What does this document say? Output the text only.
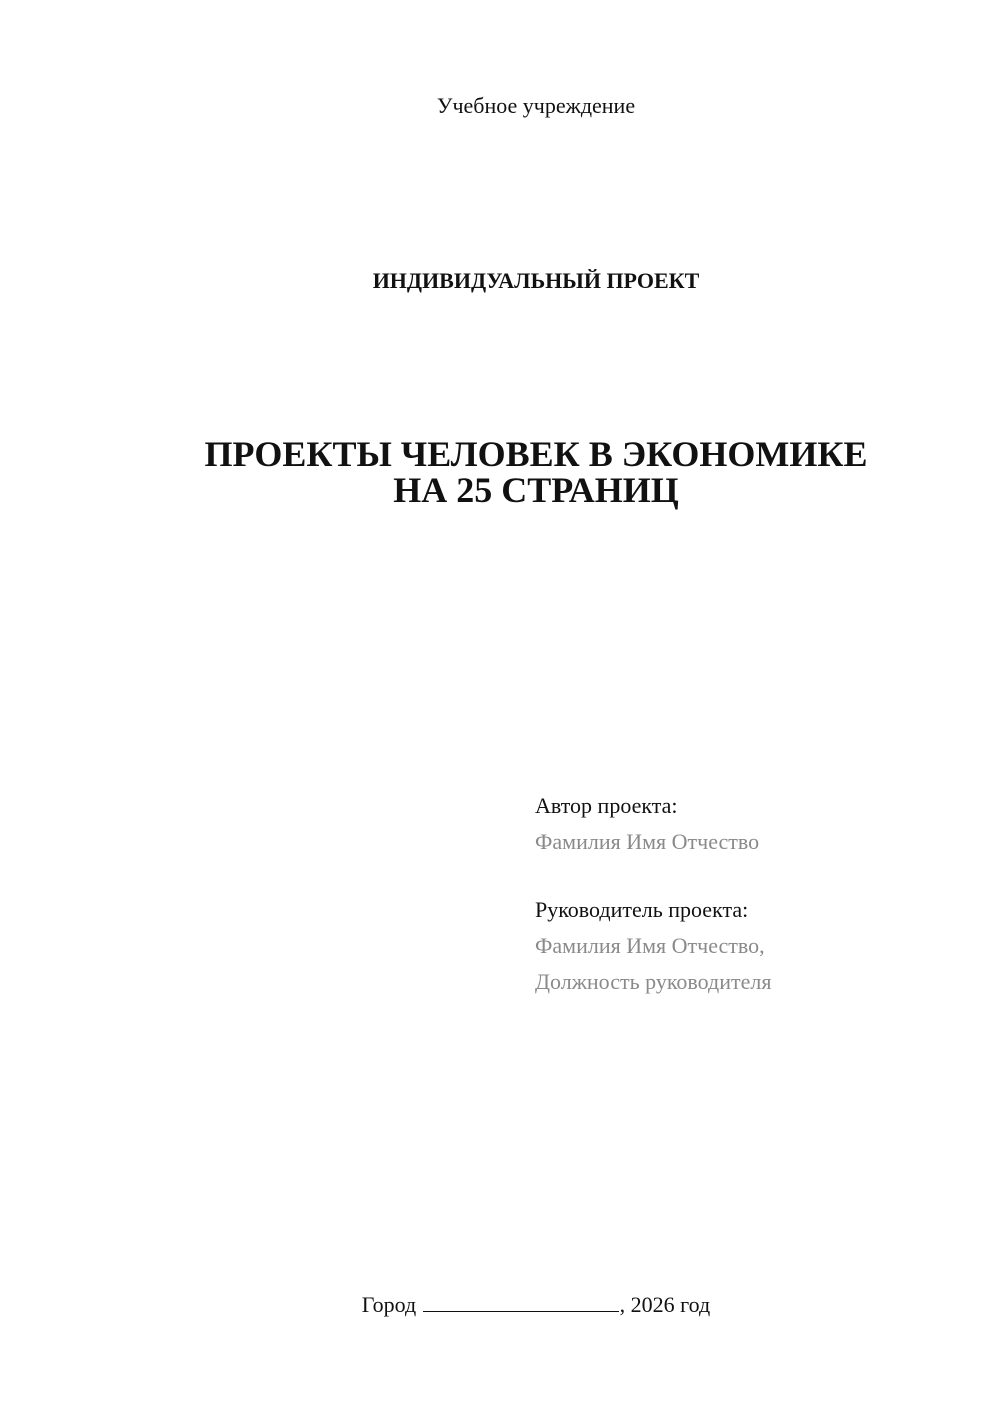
Учебное учреждение
ИНДИВИДУАЛЬНЫЙ ПРОЕКТ
ПРОЕКТЫ ЧЕЛОВЕК В ЭКОНОМИКЕ
НА 25 СТРАНИЦ
Автор проекта:
Фамилия Имя Отчество
Руководитель проекта:
Фамилия Имя Отчество,
Должность руководителя
Город	, 2026 год
